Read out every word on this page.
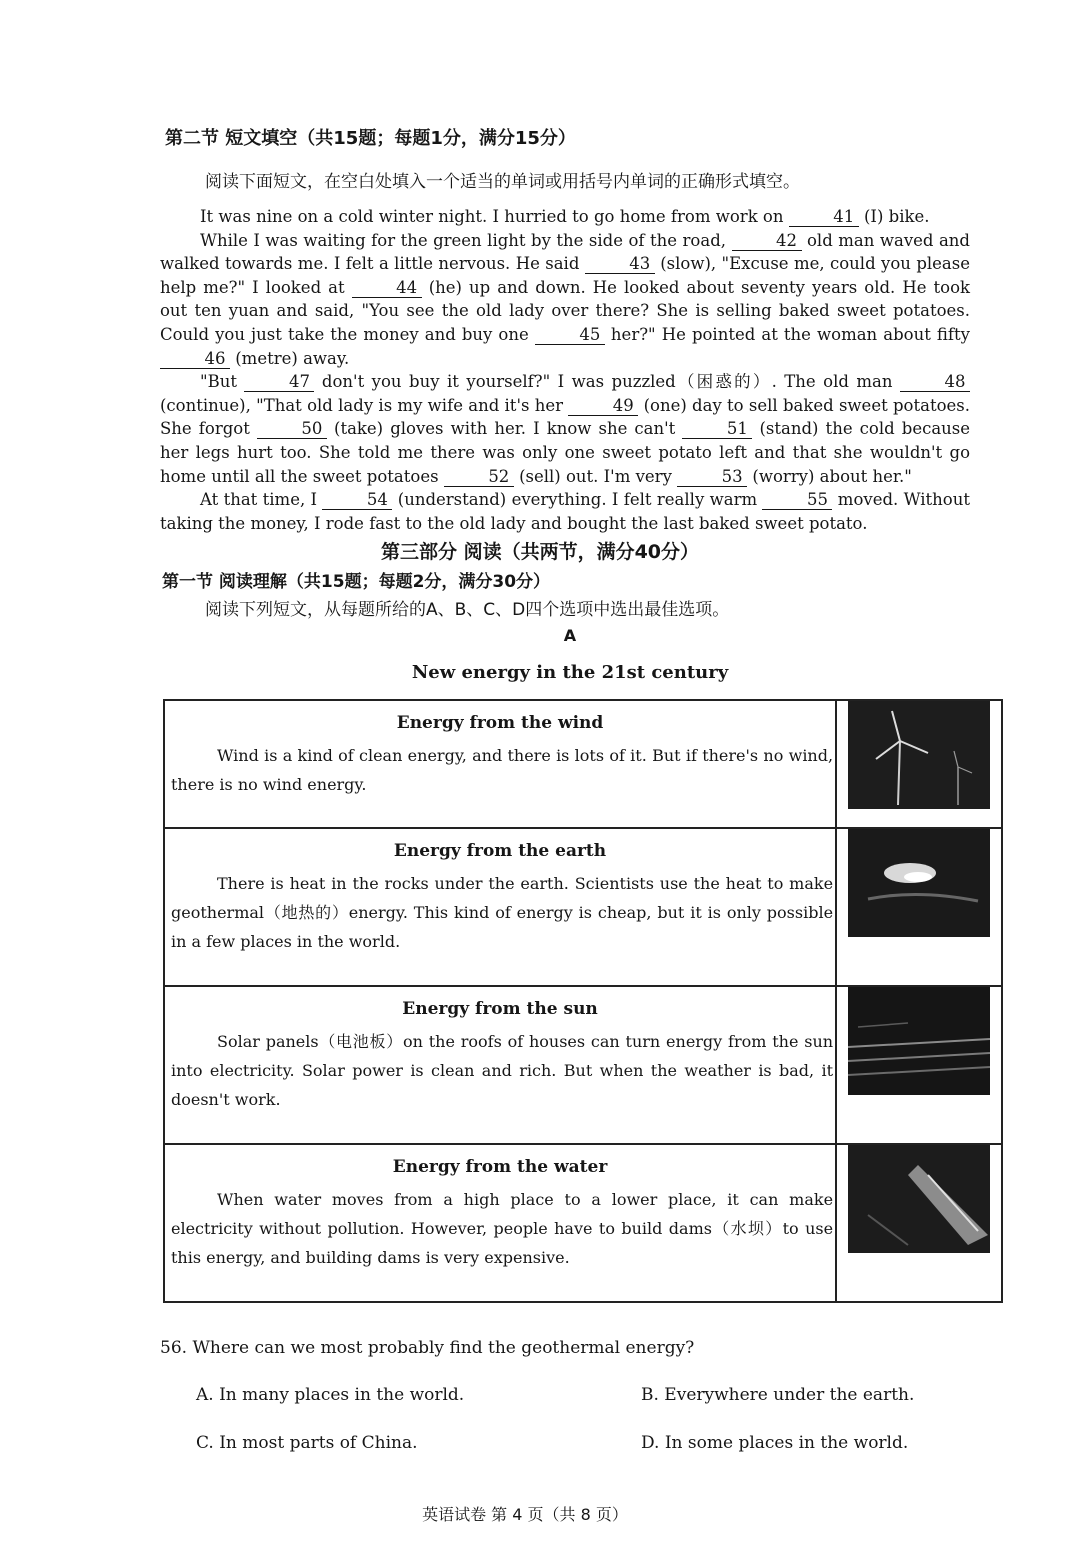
第二节 短文填空（共15题；每题1分，满分15分）
阅读下面短文，在空白处填入一个适当的单词或用括号内单词的正确形式填空。

It was nine on a cold winter night. I hurried to go home from work on	41 (I) bike.

While I was waiting for the green light by the side of the road,	42 old man waved and walked towards me. I felt a little nervous. He said	43 (slow), "Excuse me, could you please help me?" I looked at	44 (he) up and down. He looked about seventy years old. He took out ten yuan and said, "You see the old lady over there? She is selling baked sweet potatoes. Could you just take the money and buy one	45 her?" He pointed at the woman about fifty 46 (metre) away.

"But	47 don't you buy it yourself?" I was puzzled（困惑的）. The old man	48 (continue), "That old lady is my wife and it's her	49 (one) day to sell baked sweet potatoes. She forgot	50 (take) gloves with her. I know she can't	51 (stand) the cold because her legs hurt too. She told me there was only one sweet potato left and that she wouldn't go home until all the sweet potatoes	52 (sell) out. I'm very	53 (worry) about her."

At that time, I	54 (understand) everything. I felt really warm	55 moved. Without taking the money, I rode fast to the old lady and bought the last baked sweet potato.

第三部分 阅读（共两节，满分40分）
第一节 阅读理解（共15题；每题2分，满分30分）
阅读下列短文，从每题所给的A、B、C、D四个选项中选出最佳选项。
A
New energy in the 21st century
Energy from the wind
Wind is a kind of clean energy, and there is lots of it. But if there's no wind, there is no wind energy.

Energy from the earth
There is heat in the rocks under the earth. Scientists use the heat to make geothermal（地热的）energy. This kind of energy is cheap, but it is only possible in a few places in the world.

Energy from the sun
Solar panels（电池板）on the roofs of houses can turn energy from the sun into electricity. Solar power is clean and rich. But when the weather is bad, it doesn't work.

Energy from the water
When water moves from a high place to a lower place, it can make electricity without pollution. However, people have to build dams（水坝）to use this energy, and building dams is very expensive.

56. Where can we most probably find the geothermal energy?
A. In many places in the world.	B. Everywhere under the earth.
C. In most parts of China.	D. In some places in the world.
英语试卷 第 4 页（共 8 页）
